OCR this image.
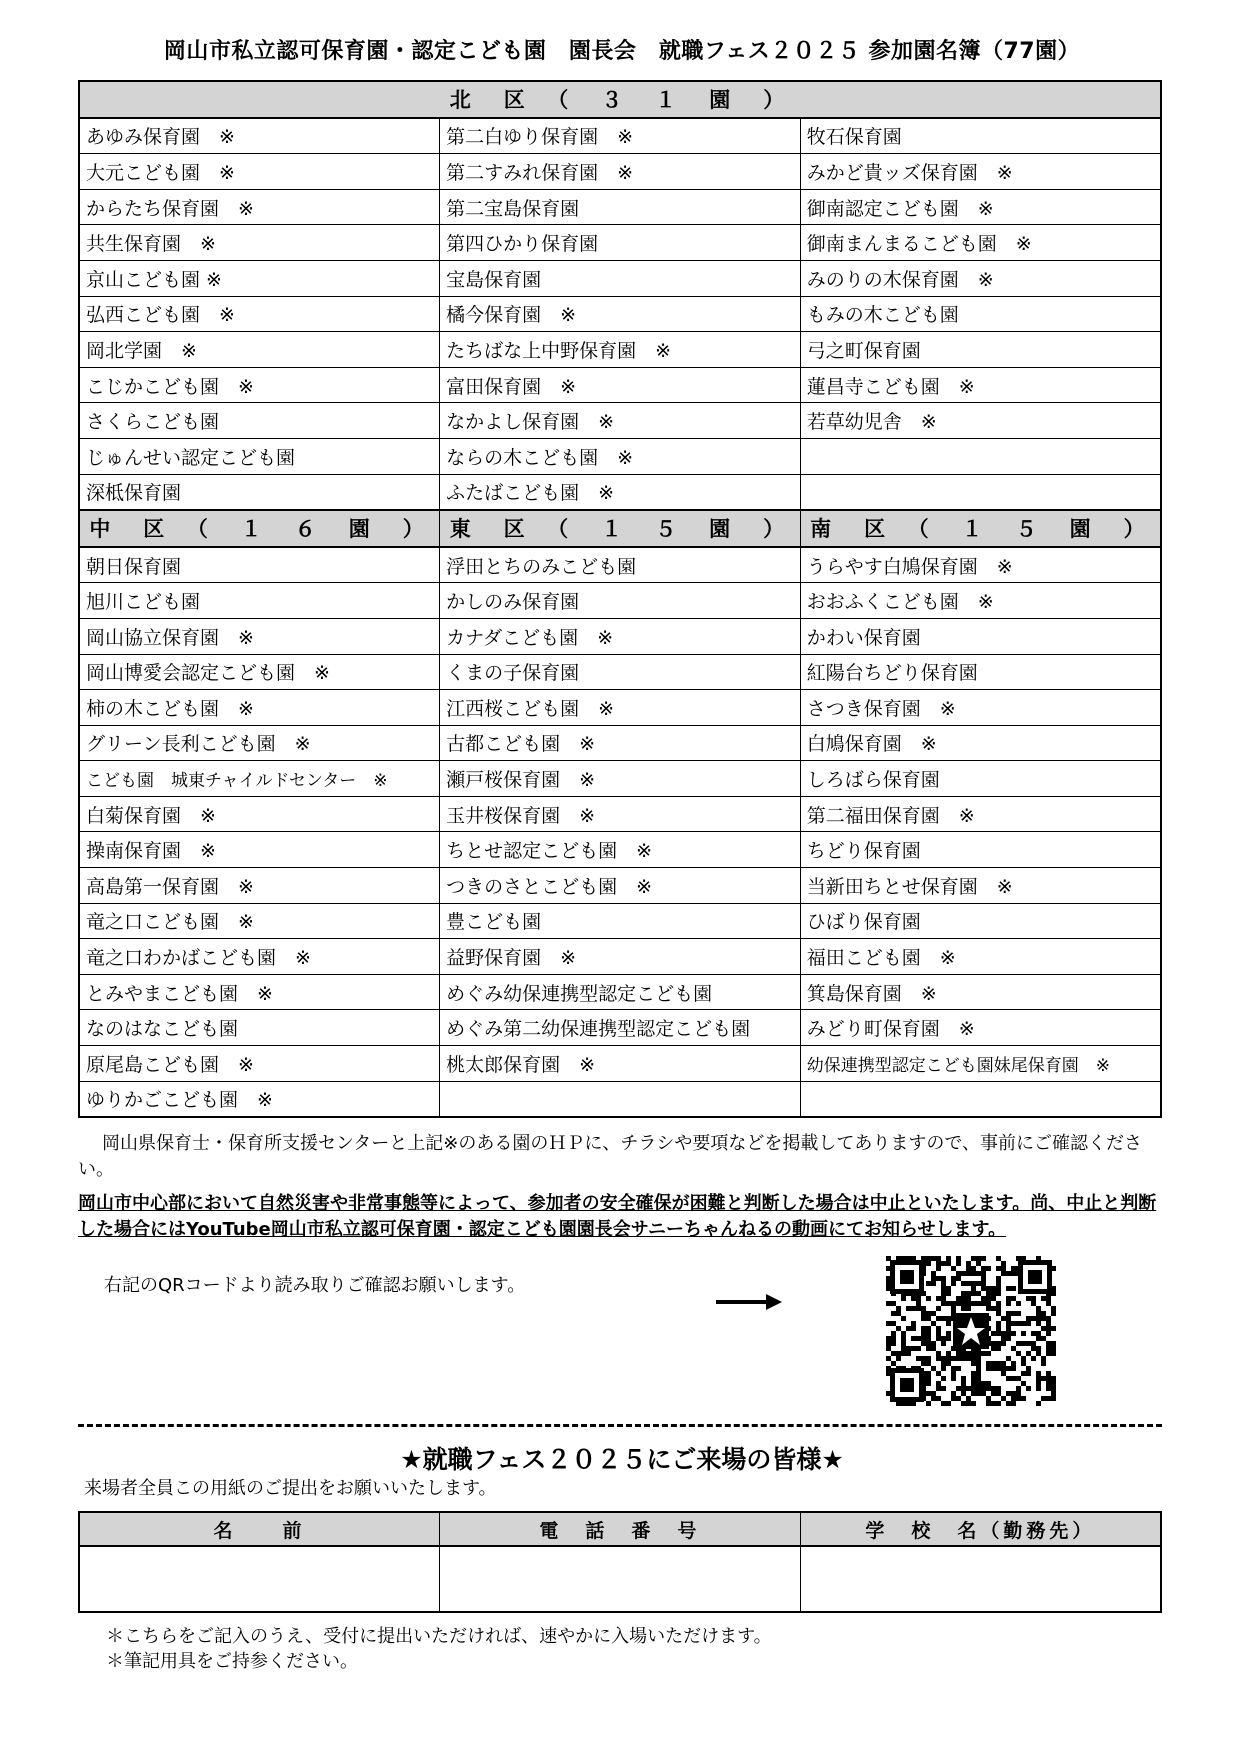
岡山市私立認可保育園・認定こども園　園長会　就職フェス２０２５ 参加園名簿（77園）
北　区　（　３　１　園　）		
あゆみ保育園　※	第二白ゆり保育園　※	牧石保育園
大元こども園　※	第二すみれ保育園　※	みかど貴ッズ保育園　※
からたち保育園　※	第二宝島保育園	御南認定こども園　※
共生保育園　※	第四ひかり保育園	御南まんまるこども園　※
京山こども園 ※	宝島保育園	みのりの木保育園　※
弘西こども園　※	橘今保育園　※	もみの木こども園
岡北学園　※	たちばな上中野保育園　※	弓之町保育園
こじかこども園　※	富田保育園　※	蓮昌寺こども園　※
さくらこども園	なかよし保育園　※	若草幼児舎　※
じゅんせい認定こども園	ならの木こども園　※	
深柢保育園	ふたばこども園　※	
中　区　（　１　６　園　）	東　区　（　１　５　園　）	南　区　（　１　５　園　）
朝日保育園	浮田とちのみこども園	うらやす白鳩保育園　※
旭川こども園	かしのみ保育園	おおふくこども園　※
岡山協立保育園　※	カナダこども園　※	かわい保育園
岡山博愛会認定こども園　※	くまの子保育園	紅陽台ちどり保育園
柿の木こども園　※	江西桜こども園　※	さつき保育園　※
グリーン長利こども園　※	古都こども園　※	白鳩保育園　※
こども園　城東チャイルドセンター　※	瀬戸桜保育園　※	しろばら保育園
白菊保育園　※	玉井桜保育園　※	第二福田保育園　※
操南保育園　※	ちとせ認定こども園　※	ちどり保育園
高島第一保育園　※	つきのさとこども園　※	当新田ちとせ保育園　※
竜之口こども園　※	豊こども園	ひばり保育園
竜之口わかばこども園　※	益野保育園　※	福田こども園　※
とみやまこども園　※	めぐみ幼保連携型認定こども園	箕島保育園　※
なのはなこども園	めぐみ第二幼保連携型認定こども園	みどり町保育園　※
原尾島こども園　※	桃太郎保育園　※	幼保連携型認定こども園妹尾保育園　※
ゆりかごこども園　※		
岡山県保育士・保育所支援センターと上記※のある園のＨＰに、チラシや要項などを掲載してありますので、事前にご確認ください。
岡山市中心部において自然災害や非常事態等によって、参加者の安全確保が困難と判断した場合は中止といたします。尚、中止と判断した場合にはYouTube岡山市私立認可保育園・認定こども園園長会サニーちゃんねるの動画にてお知らせします。
右記のQRコードより読み取りご確認お願いします。
★就職フェス２０２５にご来場の皆様★
来場者全員この用紙のご提出をお願いいたします。
名　　前	電　話　番　号	学　校　名（勤務先）

＊こちらをご記入のうえ、受付に提出いただければ、速やかに入場いただけます。
＊筆記用具をご持参ください。
